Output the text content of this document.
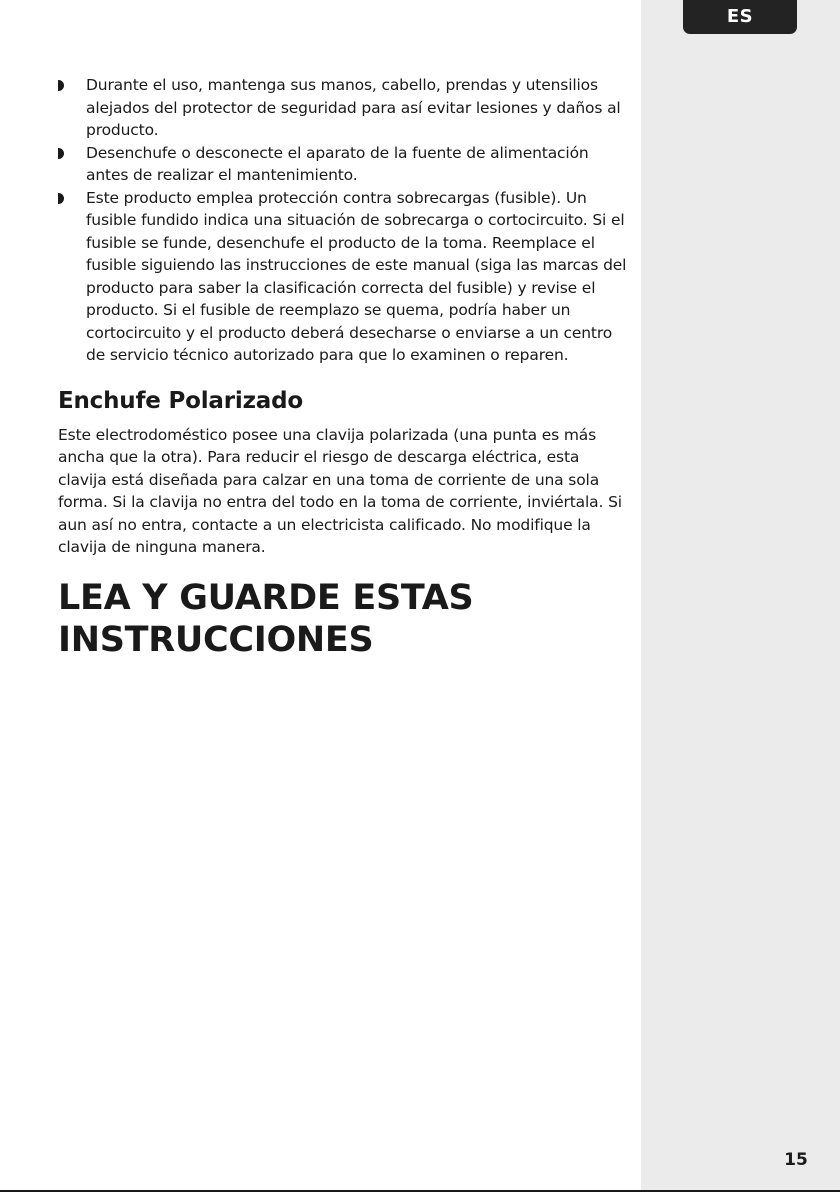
ES
Durante el uso, mantenga sus manos, cabello, prendas y utensilios alejados del protector de seguridad para así evitar lesiones y daños al producto.
Desenchufe o desconecte el aparato de la fuente de alimentación antes de realizar el mantenimiento.
Este producto emplea protección contra sobrecargas (fusible). Un fusible fundido indica una situación de sobrecarga o cortocircuito. Si el fusible se funde, desenchufe el producto de la toma. Reemplace el fusible siguiendo las instrucciones de este manual (siga las marcas del producto para saber la clasificación correcta del fusible) y revise el producto. Si el fusible de reemplazo se quema, podría haber un cortocircuito y el producto deberá desecharse o enviarse a un centro de servicio técnico autorizado para que lo examinen o reparen.
Enchufe Polarizado

Este electrodoméstico posee una clavija polarizada (una punta es más ancha que la otra). Para reducir el riesgo de descarga eléctrica, esta clavija está diseñada para calzar en una toma de corriente de una sola forma. Si la clavija no entra del todo en la toma de corriente, inviértala. Si aun así no entra, contacte a un electricista calificado. No modifique la clavija de ninguna manera.

LEA Y GUARDE ESTAS INSTRUCCIONES
15
